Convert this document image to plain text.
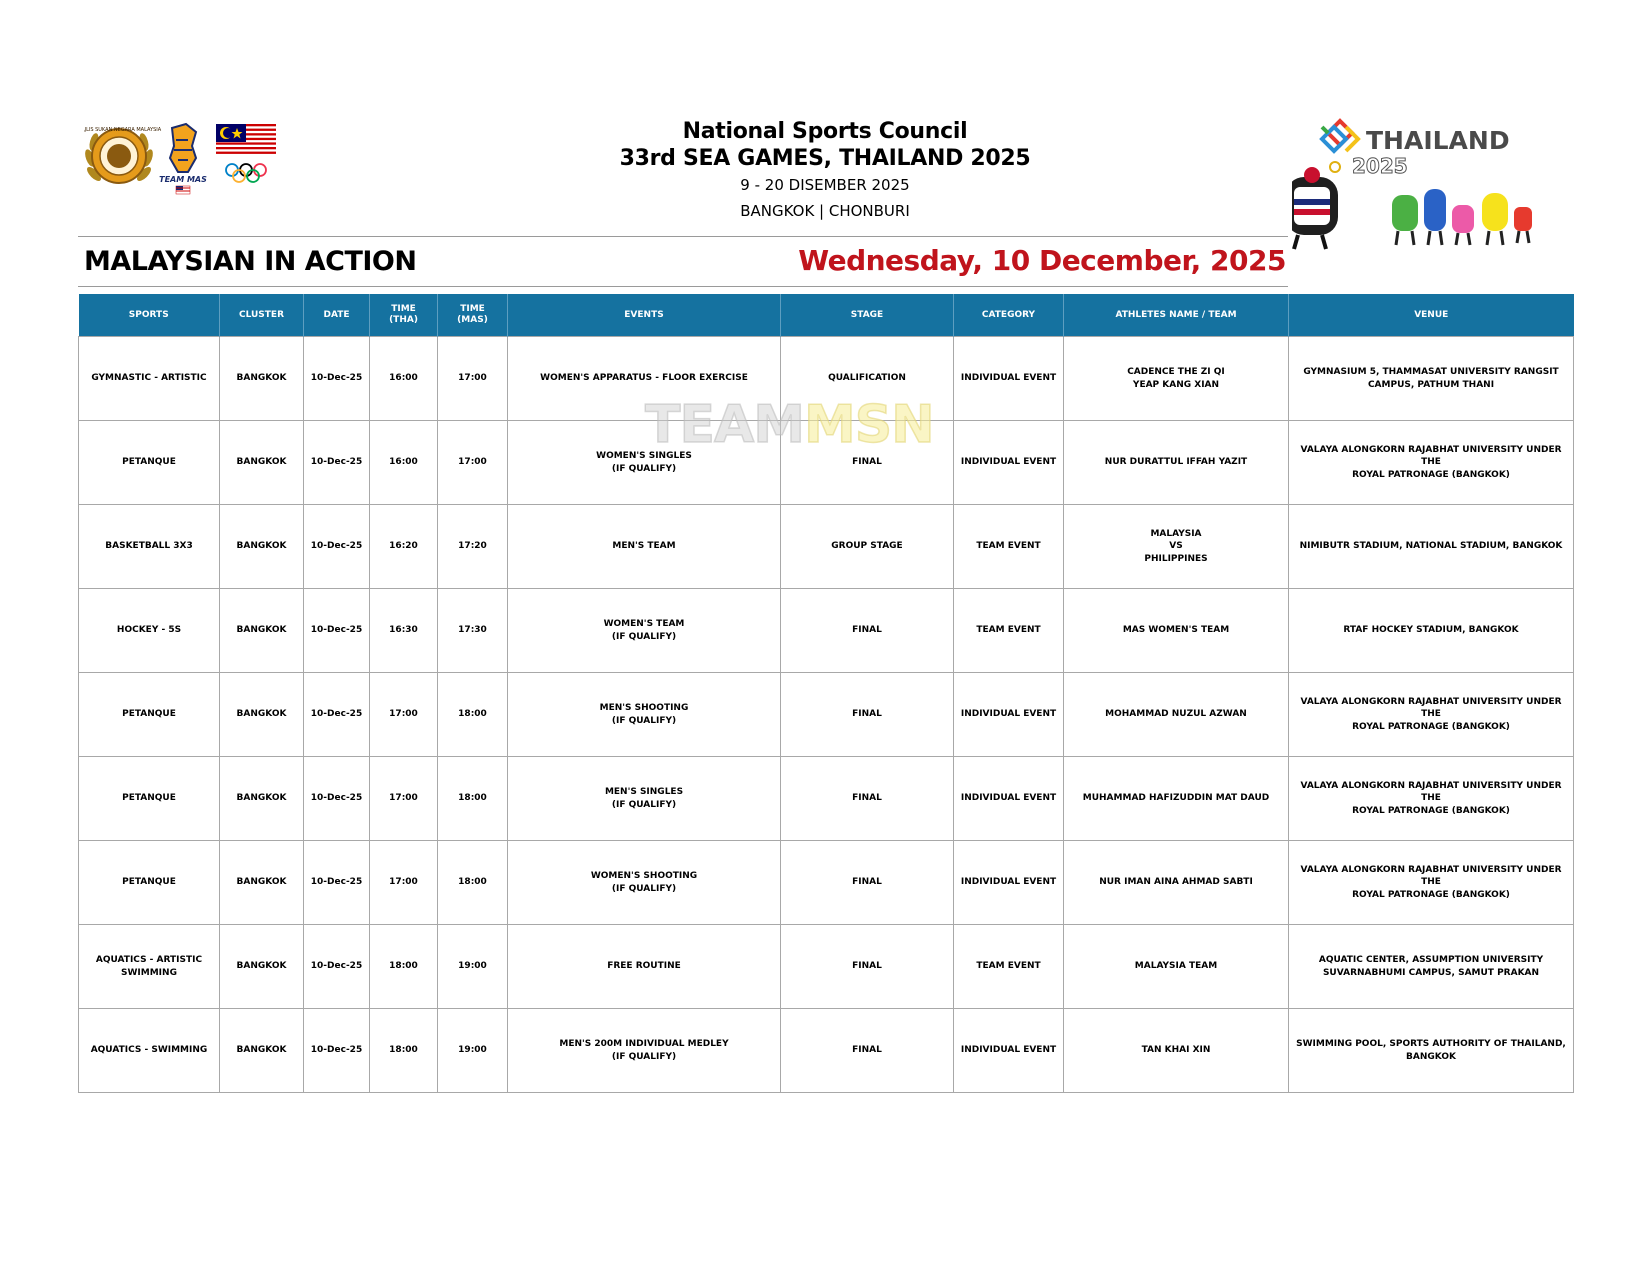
MAJLIS SUKAN NEGARA MALAYSIA
TEAM MAS
National Sports Council
33rd SEA GAMES, THAILAND 2025
9 - 20 DISEMBER 2025
BANGKOK | CHONBURI
THAILAND
2025
MALAYSIAN IN ACTION	Wednesday, 10 December, 2025
SPORTS	CLUSTER	DATE	TIME
(THA)	TIME
(MAS)	EVENTS	STAGE	CATEGORY	ATHLETES NAME / TEAM	VENUE

GYMNASTIC - ARTISTIC	BANGKOK	10-Dec-25	16:00	17:00	WOMEN'S APPARATUS - FLOOR EXERCISE	QUALIFICATION	INDIVIDUAL EVENT	CADENCE THE ZI QI
YEAP KANG XIAN	GYMNASIUM 5, THAMMASAT UNIVERSITY RANGSIT
CAMPUS, PATHUM THANI

PETANQUE	BANGKOK	10-Dec-25	16:00	17:00	WOMEN'S SINGLES
(IF QUALIFY)	FINAL	INDIVIDUAL EVENT	NUR DURATTUL IFFAH YAZIT	VALAYA ALONGKORN RAJABHAT UNIVERSITY UNDER THE
ROYAL PATRONAGE (BANGKOK)

BASKETBALL 3X3	BANGKOK	10-Dec-25	16:20	17:20	MEN'S TEAM	GROUP STAGE	TEAM EVENT	MALAYSIA
VS
PHILIPPINES	NIMIBUTR STADIUM, NATIONAL STADIUM, BANGKOK

HOCKEY - 5S	BANGKOK	10-Dec-25	16:30	17:30	WOMEN'S TEAM
(IF QUALIFY)	FINAL	TEAM EVENT	MAS WOMEN'S TEAM	RTAF HOCKEY STADIUM, BANGKOK

PETANQUE	BANGKOK	10-Dec-25	17:00	18:00	MEN'S SHOOTING
(IF QUALIFY)	FINAL	INDIVIDUAL EVENT	MOHAMMAD NUZUL AZWAN	VALAYA ALONGKORN RAJABHAT UNIVERSITY UNDER THE
ROYAL PATRONAGE (BANGKOK)

PETANQUE	BANGKOK	10-Dec-25	17:00	18:00	MEN'S SINGLES
(IF QUALIFY)	FINAL	INDIVIDUAL EVENT	MUHAMMAD HAFIZUDDIN MAT DAUD	VALAYA ALONGKORN RAJABHAT UNIVERSITY UNDER THE
ROYAL PATRONAGE (BANGKOK)

PETANQUE	BANGKOK	10-Dec-25	17:00	18:00	WOMEN'S SHOOTING
(IF QUALIFY)	FINAL	INDIVIDUAL EVENT	NUR IMAN AINA AHMAD SABTI	VALAYA ALONGKORN RAJABHAT UNIVERSITY UNDER THE
ROYAL PATRONAGE (BANGKOK)

AQUATICS - ARTISTIC
SWIMMING	BANGKOK	10-Dec-25	18:00	19:00	FREE ROUTINE	FINAL	TEAM EVENT	MALAYSIA TEAM	AQUATIC CENTER, ASSUMPTION UNIVERSITY
SUVARNABHUMI CAMPUS, SAMUT PRAKAN

AQUATICS - SWIMMING	BANGKOK	10-Dec-25	18:00	19:00	MEN'S 200M INDIVIDUAL MEDLEY
(IF QUALIFY)	FINAL	INDIVIDUAL EVENT	TAN KHAI XIN	SWIMMING POOL, SPORTS AUTHORITY OF THAILAND,
BANGKOK
TEAMMSN
